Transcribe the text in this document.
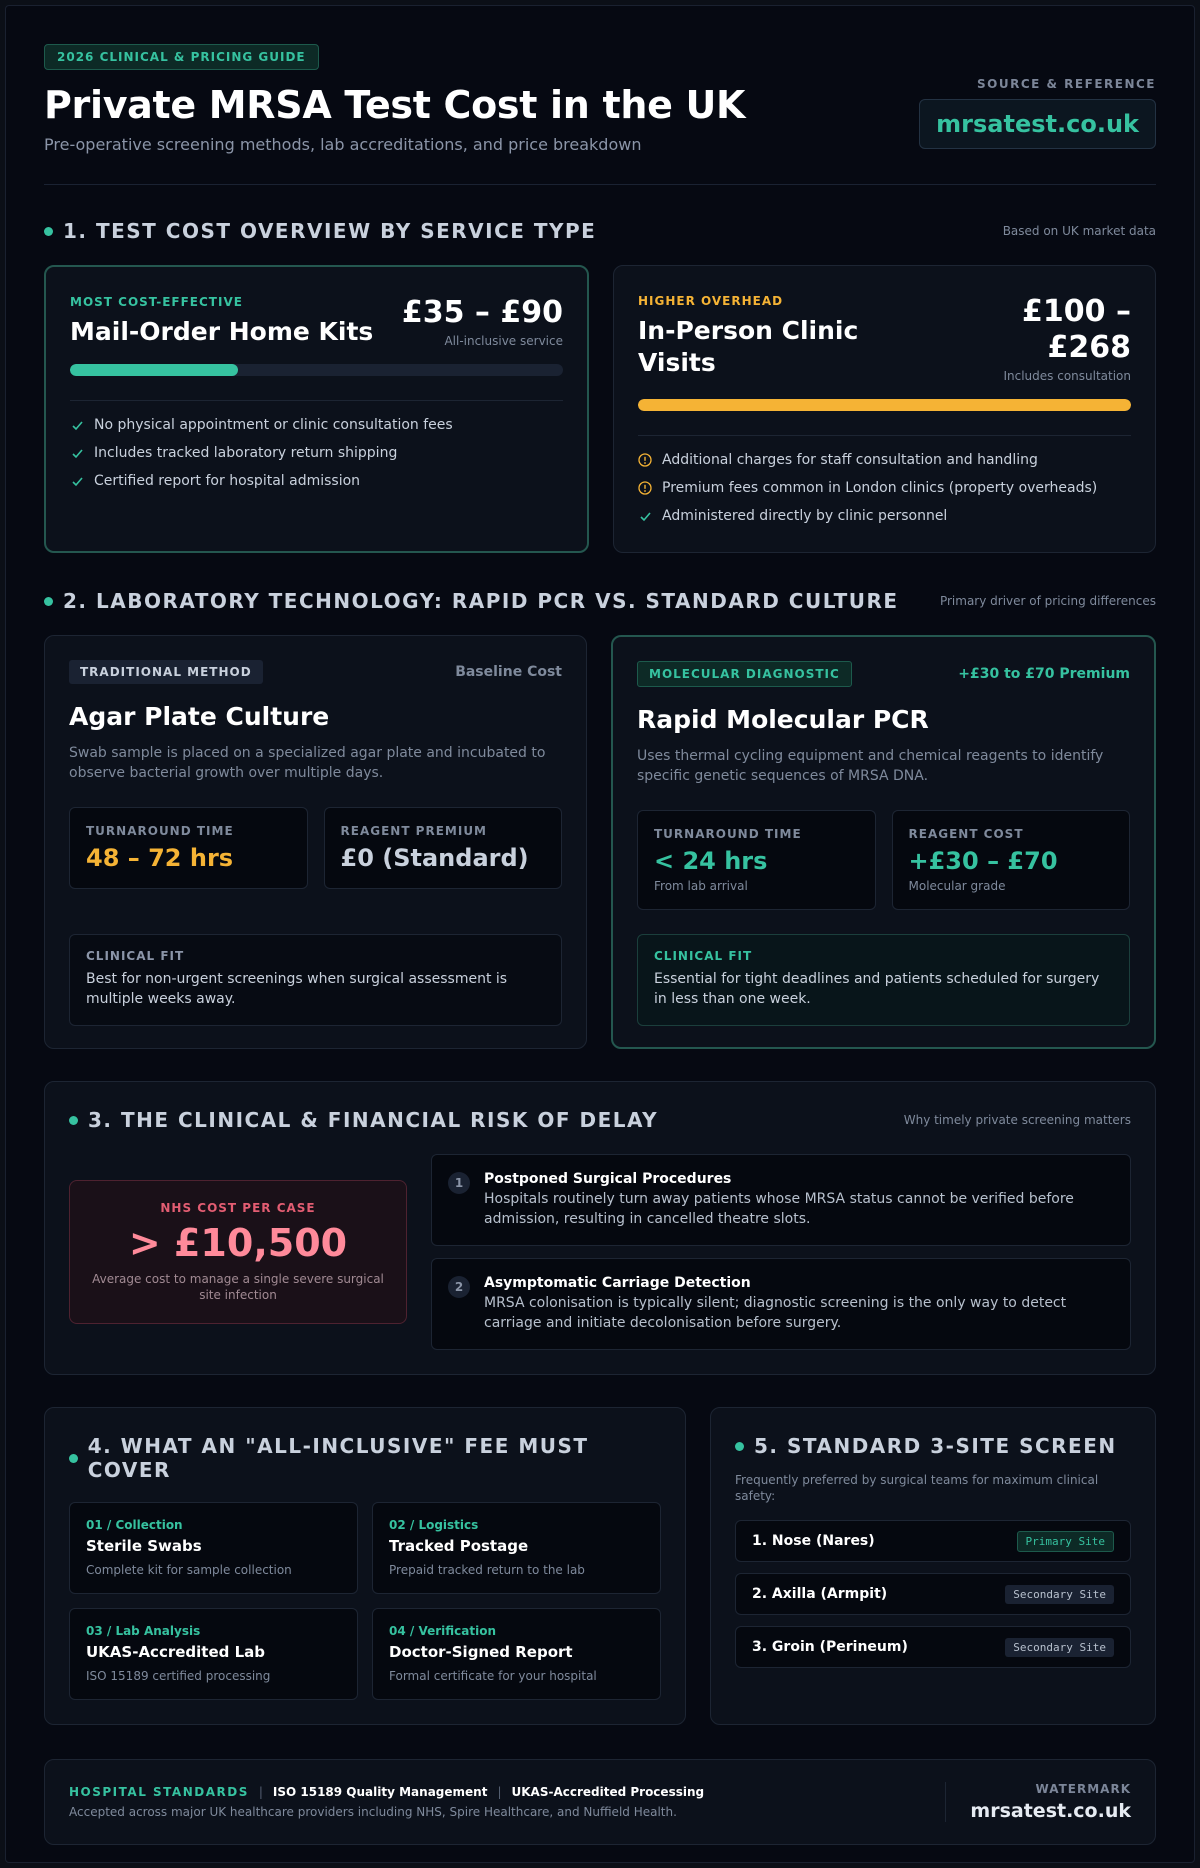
2026 CLINICAL & PRICING GUIDE
Private MRSA Test Cost in the UK
Pre-operative screening methods, lab accreditations, and price breakdown
SOURCE & REFERENCE
mrsatest.co.uk
1. TEST COST OVERVIEW BY SERVICE TYPE	Based on UK market data
MOST COST-EFFECTIVE
Mail-Order Home Kits
£35 – £90
All-inclusive service
No physical appointment or clinic consultation fees
Includes tracked laboratory return shipping
Certified report for hospital admission
HIGHER OVERHEAD
In-Person Clinic
Visits
£100 –
£268
Includes consultation
Additional charges for staff consultation and handling
Premium fees common in London clinics (property overheads)
Administered directly by clinic personnel
2. LABORATORY TECHNOLOGY: RAPID PCR VS. STANDARD CULTURE	Primary driver of pricing differences
TRADITIONAL METHOD	Baseline Cost
Agar Plate Culture
Swab sample is placed on a specialized agar plate and incubated to observe bacterial growth over multiple days.
TURNAROUND TIME
48 – 72 hrs
REAGENT PREMIUM
£0 (Standard)
CLINICAL FIT
Best for non-urgent screenings when surgical assessment is multiple weeks away.
MOLECULAR DIAGNOSTIC	+£30 to £70 Premium
Rapid Molecular PCR
Uses thermal cycling equipment and chemical reagents to identify specific genetic sequences of MRSA DNA.
TURNAROUND TIME
< 24 hrs
From lab arrival
REAGENT COST
+£30 – £70
Molecular grade
CLINICAL FIT
Essential for tight deadlines and patients scheduled for surgery in less than one week.
3. THE CLINICAL & FINANCIAL RISK OF DELAY	Why timely private screening matters
NHS COST PER CASE
> £10,500
Average cost to manage a single severe surgical site infection
1	Postponed Surgical Procedures
Hospitals routinely turn away patients whose MRSA status cannot be verified before admission, resulting in cancelled theatre slots.
2	Asymptomatic Carriage Detection
MRSA colonisation is typically silent; diagnostic screening is the only way to detect carriage and initiate decolonisation before surgery.
4. WHAT AN "ALL-INCLUSIVE" FEE MUST COVER
01 / Collection
Sterile Swabs
Complete kit for sample collection
02 / Logistics
Tracked Postage
Prepaid tracked return to the lab
03 / Lab Analysis
UKAS-Accredited Lab
ISO 15189 certified processing
04 / Verification
Doctor-Signed Report
Formal certificate for your hospital
5. STANDARD 3-SITE SCREEN
Frequently preferred by surgical teams for maximum clinical safety:
1. Nose (Nares)	Primary Site
2. Axilla (Armpit)	Secondary Site
3. Groin (Perineum)	Secondary Site
HOSPITAL STANDARDS | ISO 15189 Quality Management | UKAS-Accredited Processing
Accepted across major UK healthcare providers including NHS, Spire Healthcare, and Nuffield Health.
WATERMARK
mrsatest.co.uk
